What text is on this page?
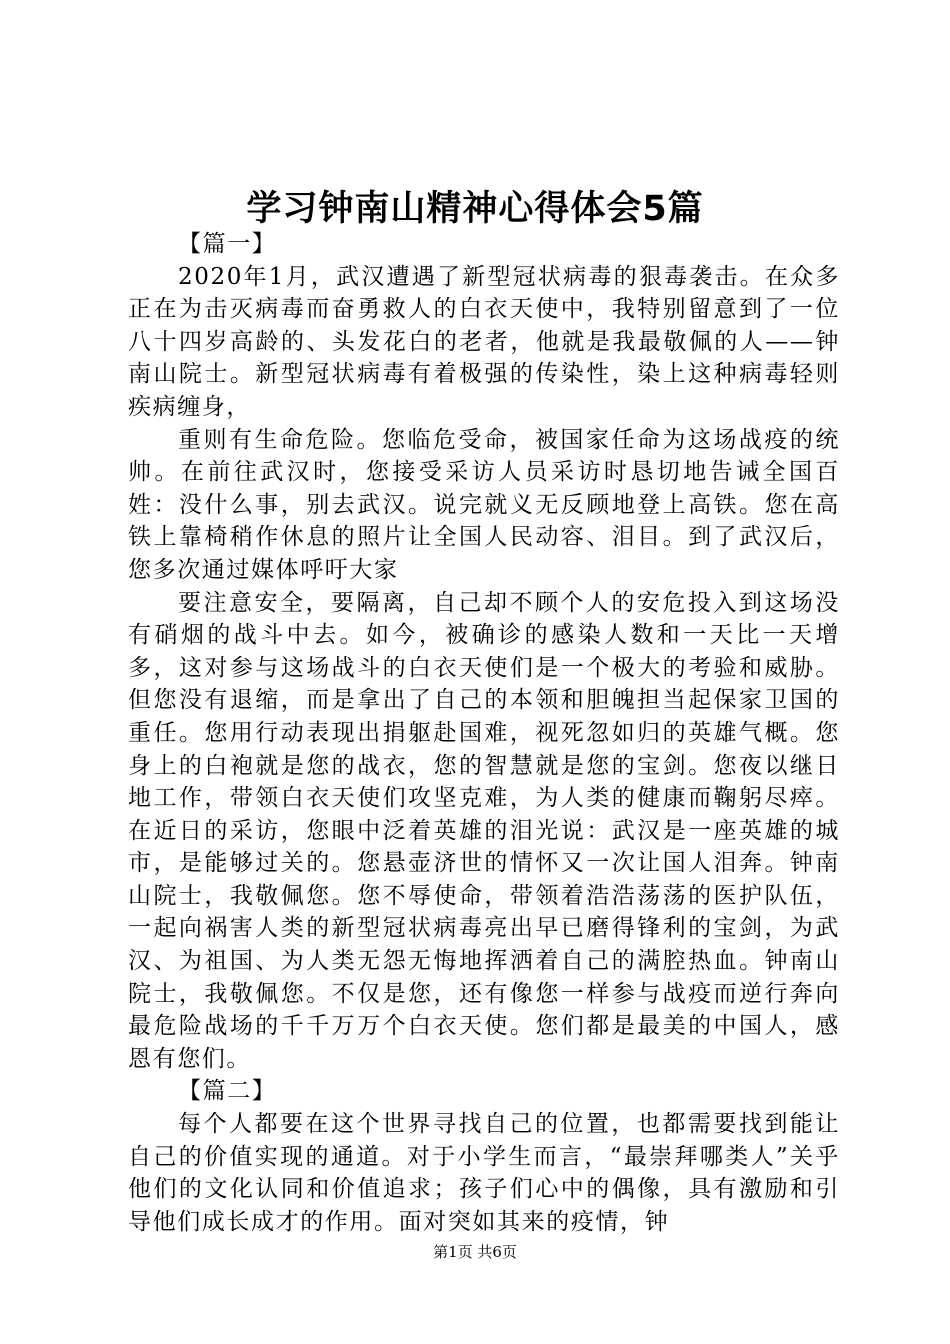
学习钟南山精神心得体会5篇

【篇一】

2020年1月，武汉遭遇了新型冠状病毒的狠毒袭击。在众多正在为击灭病毒而奋勇救人的白衣天使中，我特别留意到了一位八十四岁高龄的、头发花白的老者，他就是我最敬佩的人——钟南山院士。新型冠状病毒有着极强的传染性，染上这种病毒轻则疾病缠身，

重则有生命危险。您临危受命，被国家任命为这场战疫的统帅。在前往武汉时，您接受采访人员采访时恳切地告诫全国百姓：没什么事，别去武汉。说完就义无反顾地登上高铁。您在高铁上靠椅稍作休息的照片让全国人民动容、泪目。到了武汉后，您多次通过媒体呼吁大家

要注意安全，要隔离，自己却不顾个人的安危投入到这场没有硝烟的战斗中去。如今，被确诊的感染人数和一天比一天增多，这对参与这场战斗的白衣天使们是一个极大的考验和威胁。但您没有退缩，而是拿出了自己的本领和胆魄担当起保家卫国的重任。您用行动表现出捐躯赴国难，视死忽如归的英雄气概。您身上的白袍就是您的战衣，您的智慧就是您的宝剑。您夜以继日地工作，带领白衣天使们攻坚克难，为人类的健康而鞠躬尽瘁。在近日的采访，您眼中泛着英雄的泪光说：武汉是一座英雄的城市，是能够过关的。您悬壶济世的情怀又一次让国人泪奔。钟南山院士，我敬佩您。您不辱使命，带领着浩浩荡荡的医护队伍，一起向祸害人类的新型冠状病毒亮出早已磨得锋利的宝剑，为武汉、为祖国、为人类无怨无悔地挥洒着自己的满腔热血。钟南山院士，我敬佩您。不仅是您，还有像您一样参与战疫而逆行奔向最危险战场的千千万万个白衣天使。您们都是最美的中国人，感恩有您们。

【篇二】

每个人都要在这个世界寻找自己的位置，也都需要找到能让自己的价值实现的通道。对于小学生而言，“最崇拜哪类人”关乎他们的文化认同和价值追求；孩子们心中的偶像，具有激励和引导他们成长成才的作用。面对突如其来的疫情，钟

第1页 共6页
